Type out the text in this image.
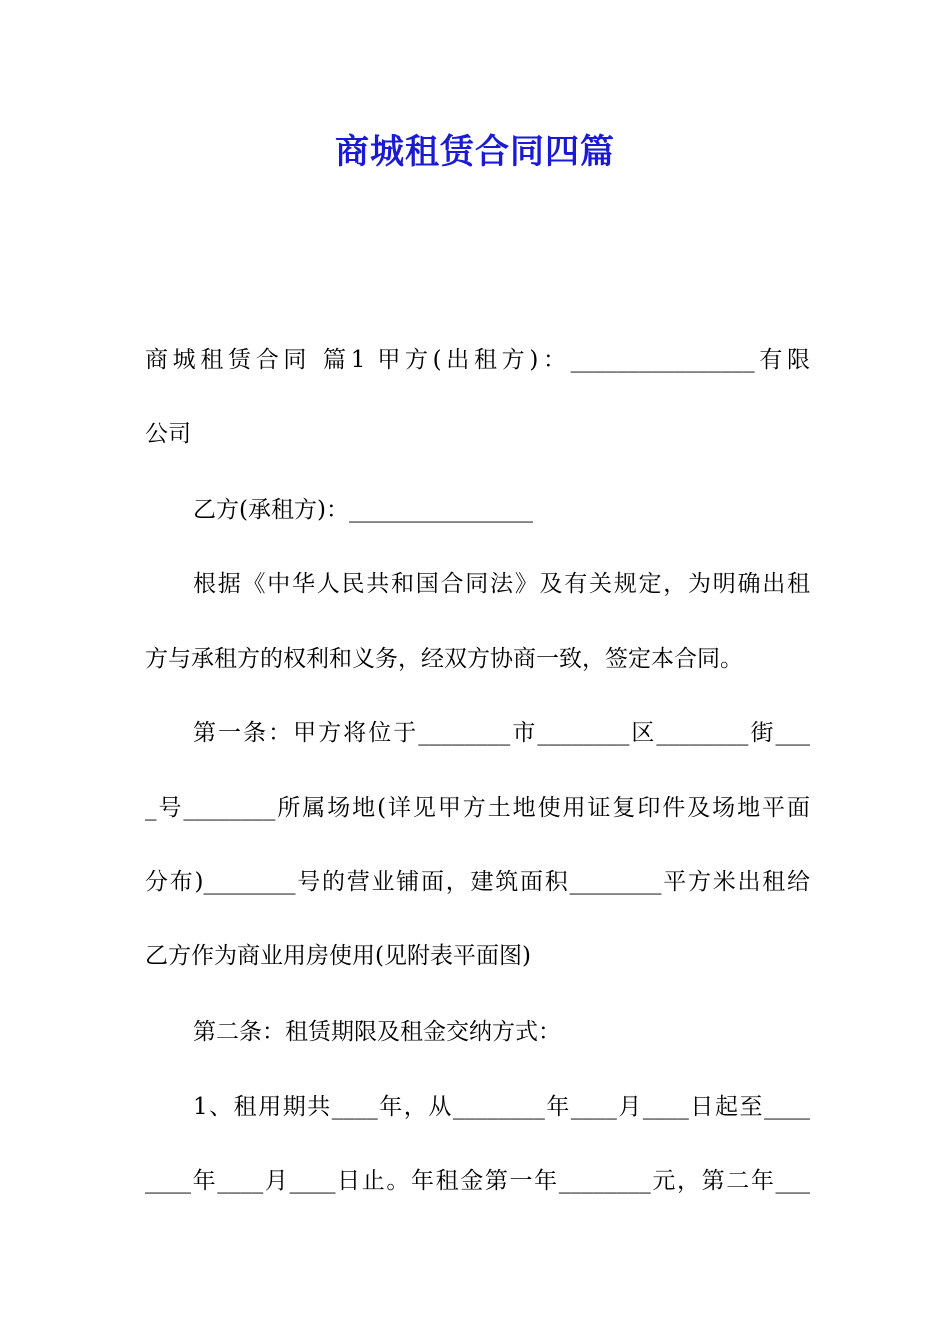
商城租赁合同四篇

商城租赁合同 篇1 甲方(出租方)：________________有限

公司

乙方(承租方)：________________

根据《中华人民共和国合同法》及有关规定，为明确出租

方与承租方的权利和义务，经双方协商一致，签定本合同。

第一条：甲方将位于________市________区________街___

_号________所属场地(详见甲方土地使用证复印件及场地平面

分布)________号的营业铺面，建筑面积________平方米出租给

乙方作为商业用房使用(见附表平面图)

第二条：租赁期限及租金交纳方式：

1、租用期共____年，从________年____月____日起至____

____年____月____日止。年租金第一年________元，第二年___
